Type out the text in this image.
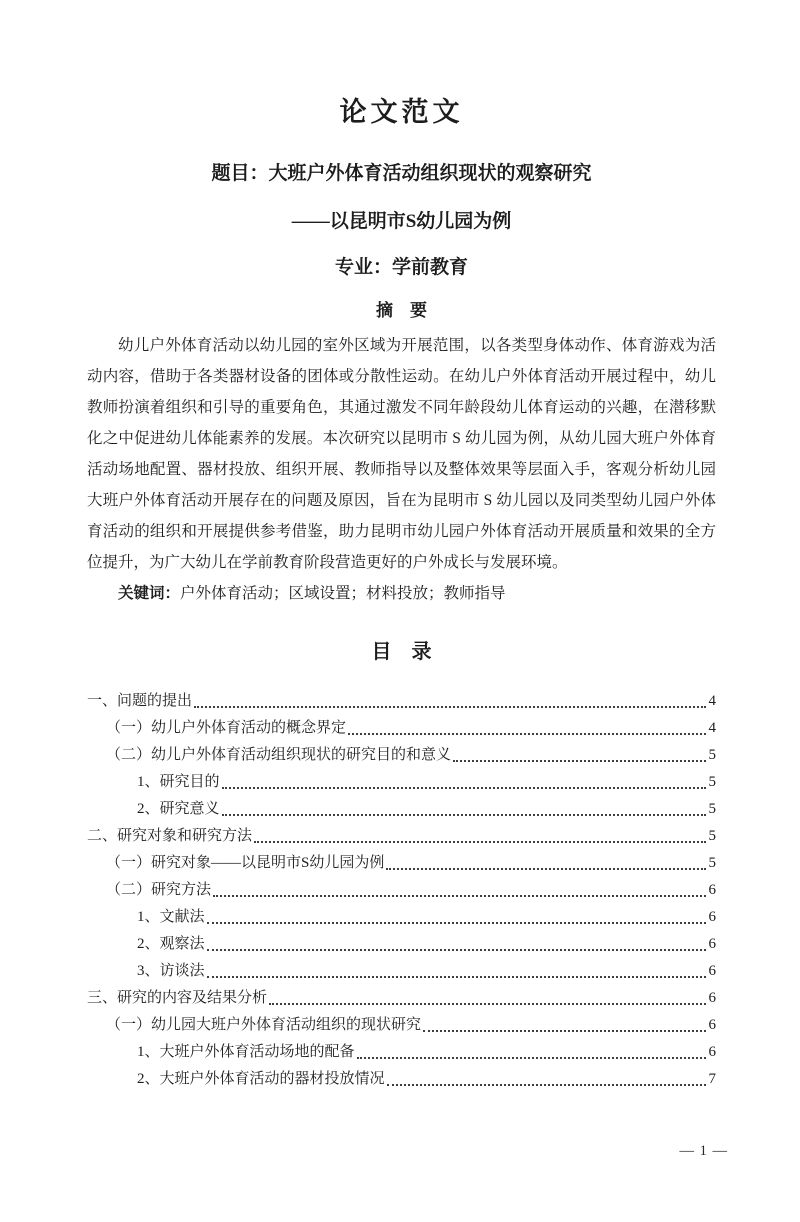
论文范文
题目：大班户外体育活动组织现状的观察研究
——以昆明市S幼儿园为例
专业：学前教育
摘　要

幼儿户外体育活动以幼儿园的室外区域为开展范围，以各类型身体动作、体育游戏为活动内容，借助于各类器材设备的团体或分散性运动。在幼儿户外体育活动开展过程中，幼儿教师扮演着组织和引导的重要角色，其通过激发不同年龄段幼儿体育运动的兴趣，在潜移默化之中促进幼儿体能素养的发展。本次研究以昆明市 S 幼儿园为例，从幼儿园大班户外体育活动场地配置、器材投放、组织开展、教师指导以及整体效果等层面入手，客观分析幼儿园大班户外体育活动开展存在的问题及原因，旨在为昆明市 S 幼儿园以及同类型幼儿园户外体育活动的组织和开展提供参考借鉴，助力昆明市幼儿园户外体育活动开展质量和效果的全方位提升，为广大幼儿在学前教育阶段营造更好的户外成长与发展环境。

关键词：户外体育活动；区域设置；材料投放；教师指导

目　录
一、问题的提出	4
（一）幼儿户外体育活动的概念界定	4
（二）幼儿户外体育活动组织现状的研究目的和意义	5
1、研究目的	5
2、研究意义	5
二、研究对象和研究方法	5
（一）研究对象——以昆明市S幼儿园为例	5
（二）研究方法	6
1、文献法	6
2、观察法	6
3、访谈法	6
三、研究的内容及结果分析	6
（一）幼儿园大班户外体育活动组织的现状研究	6
1、大班户外体育活动场地的配备	6
2、大班户外体育活动的器材投放情况	7
— 1 —
